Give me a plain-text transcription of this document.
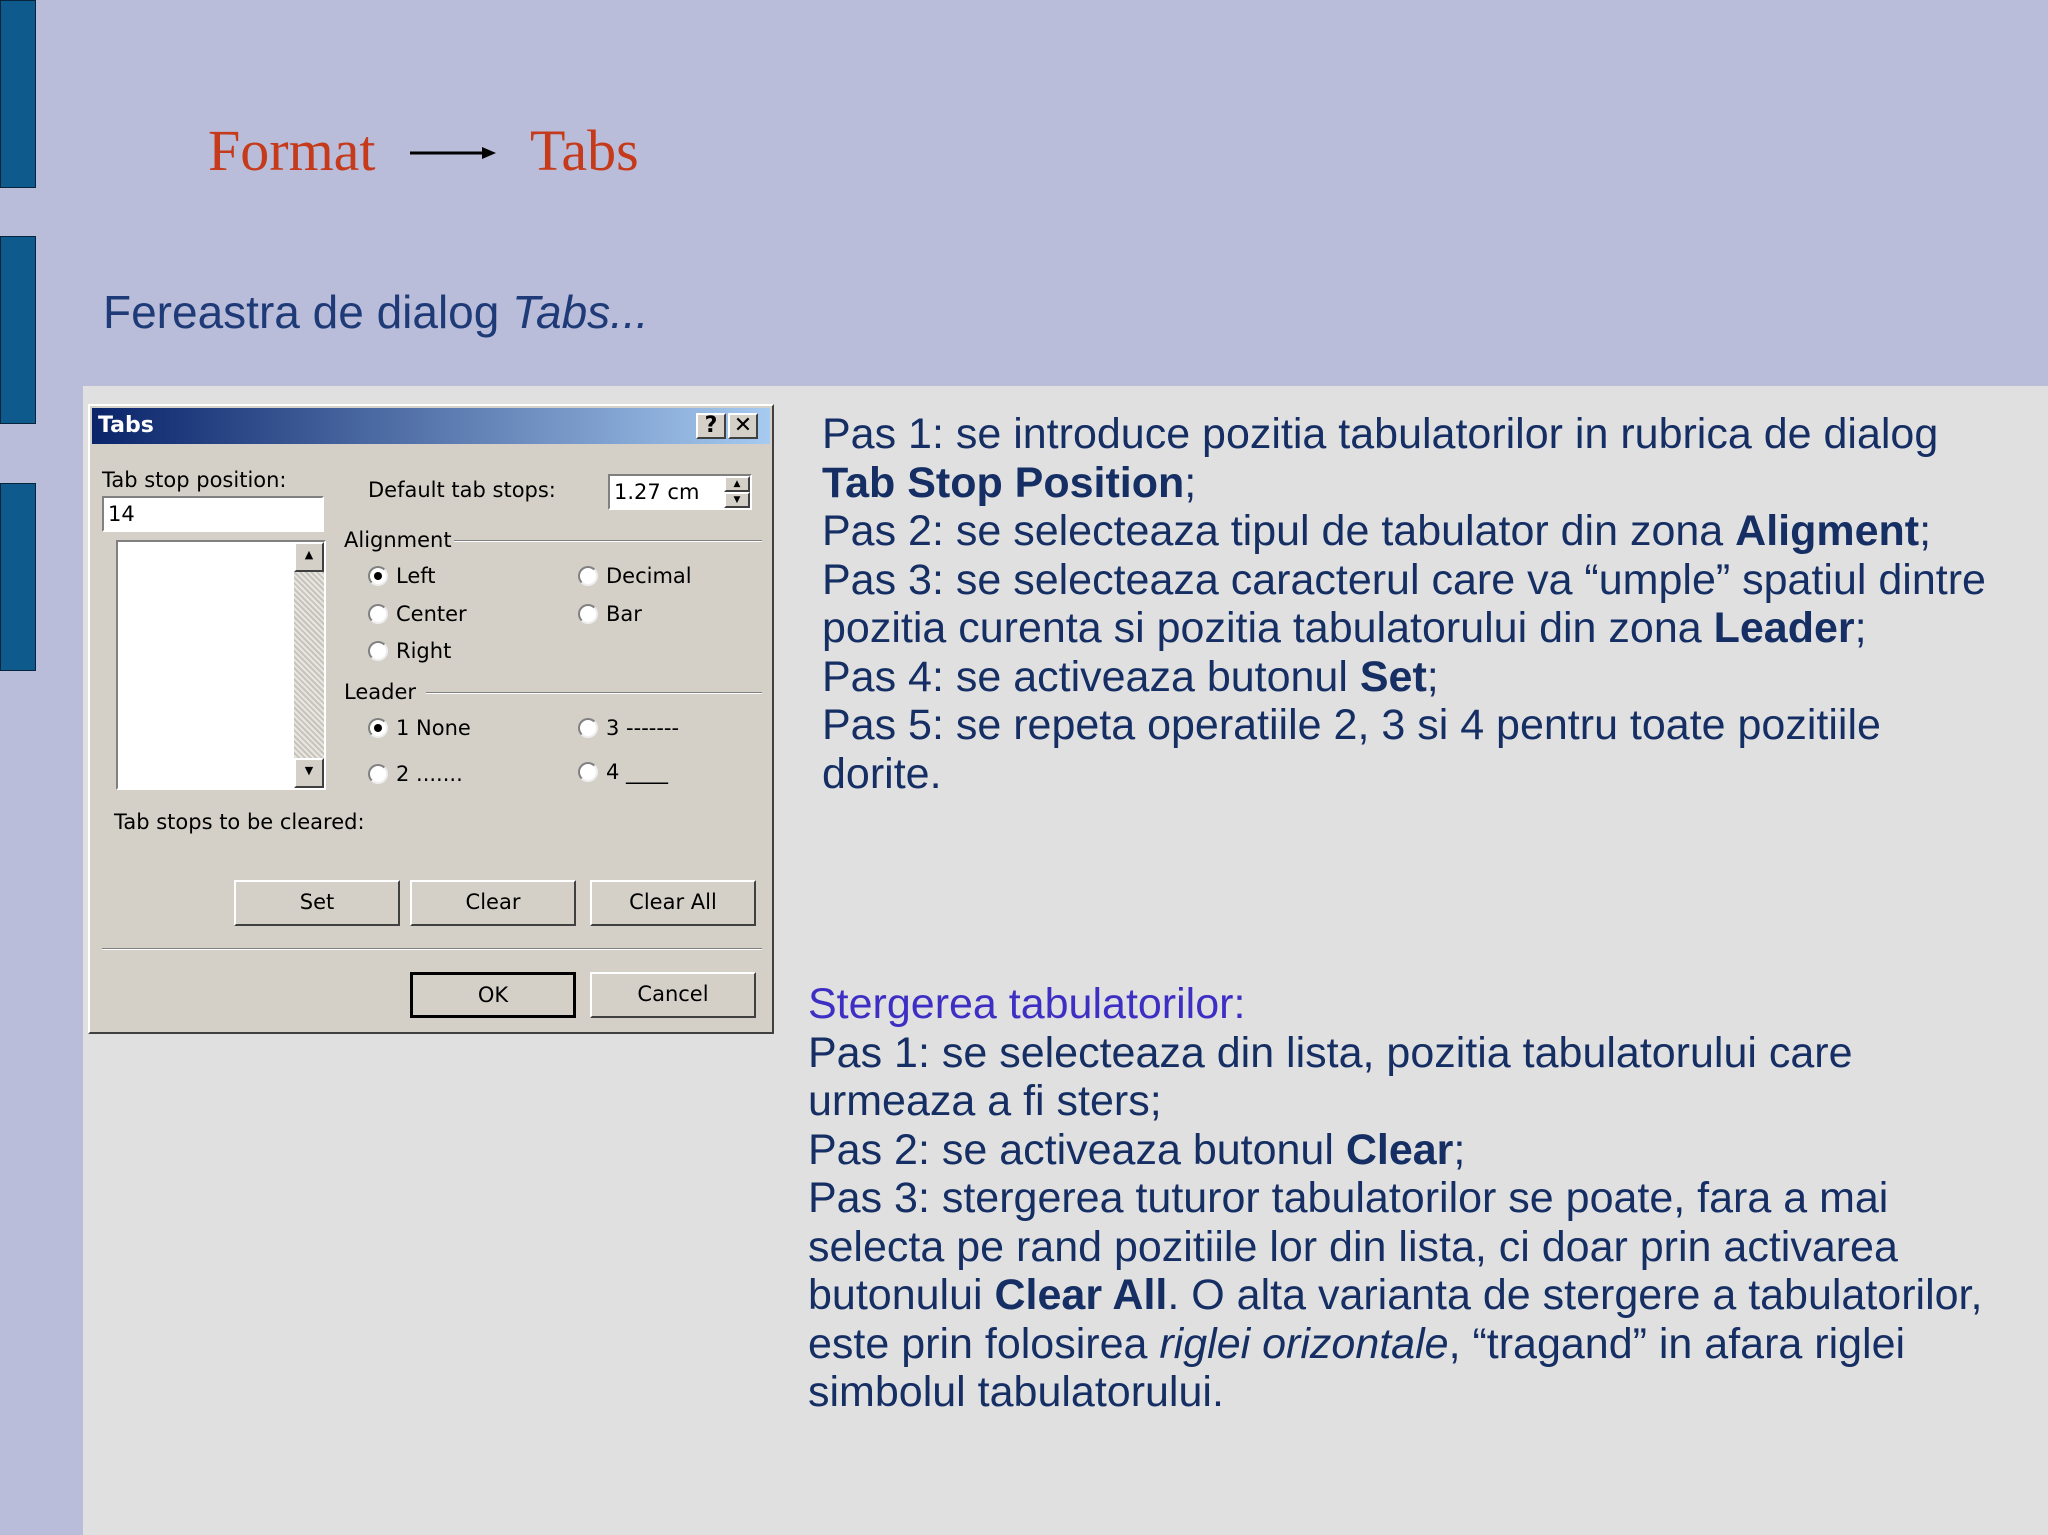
Format	Tabs
Fereastra de dialog Tabs...
Tabs	? ✕
Tab stop position:
14
▲
▼
Default tab stops:	1.27 cm	▲
▼
Alignment
Left
Center
Right
Decimal
Bar
Leader
1 None
2 .......
3 -------
4 ____
Tab stops to be cleared:
Set	Clear	Clear All
OK	Cancel
Pas 1: se introduce pozitia tabulatorilor in rubrica de dialog Tab Stop Position;
Pas 2: se selecteaza tipul de tabulator din zona Aligment;
Pas 3: se selecteaza caracterul care va “umple” spatiul dintre pozitia curenta si pozitia tabulatorului din zona Leader;
Pas 4: se activeaza butonul Set;
Pas 5: se repeta operatiile 2, 3 si 4 pentru toate pozitiile dorite.
Stergerea tabulatorilor:
Pas 1: se selecteaza din lista, pozitia tabulatorului care urmeaza a fi sters;
Pas 2: se activeaza butonul Clear;
Pas 3: stergerea tuturor tabulatorilor se poate, fara a mai selecta pe rand pozitiile lor din lista, ci doar prin activarea butonului Clear All. O alta varianta de stergere a tabulatorilor, este prin folosirea riglei orizontale, “tragand” in afara riglei simbolul tabulatorului.
